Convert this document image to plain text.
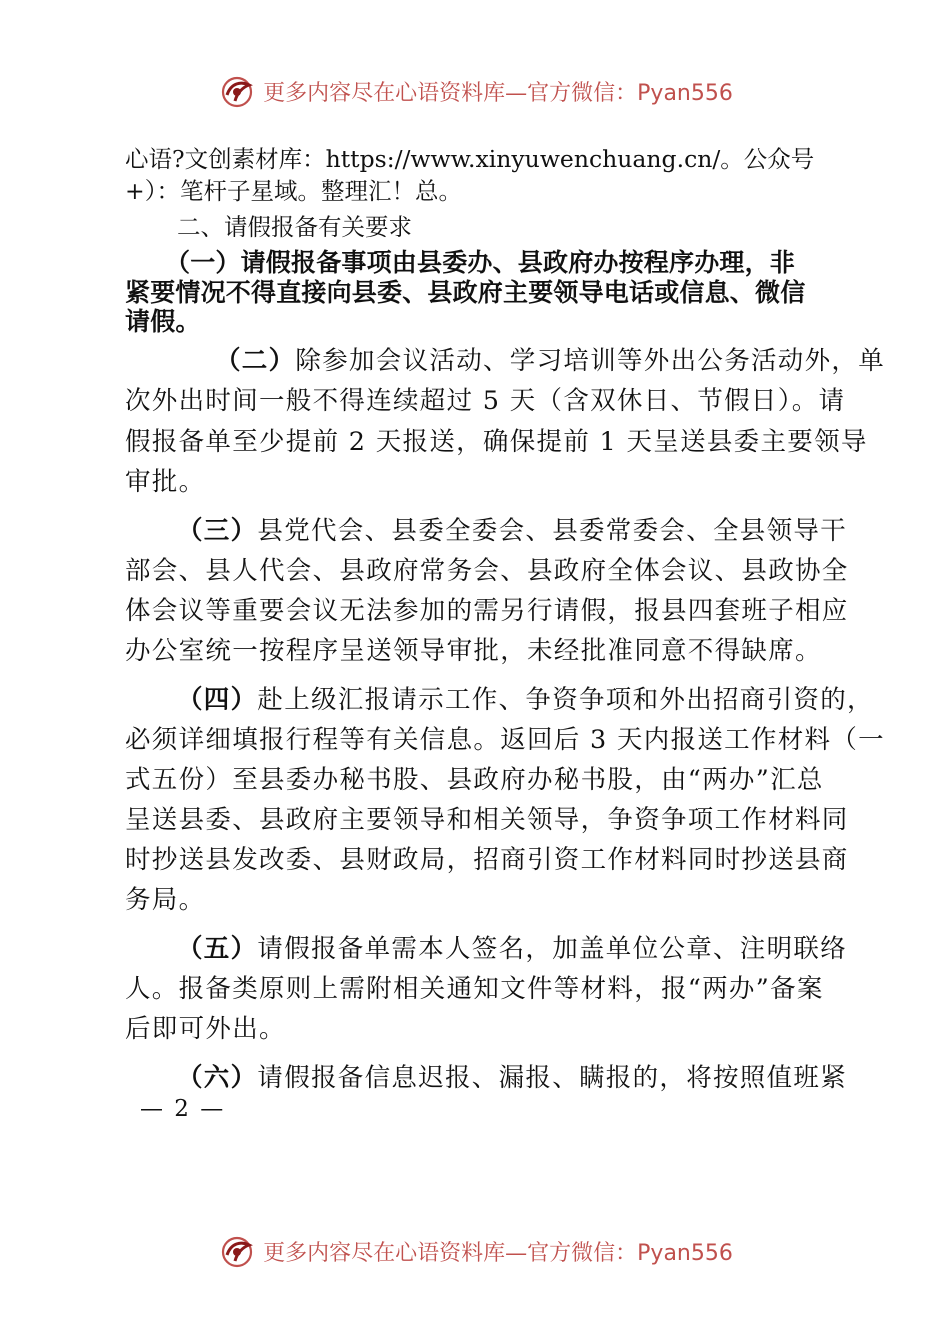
更多内容尽在心语资料库—官方微信：Pyan556
心语?文创素材库：https://www.xinyuwenchuang.cn/。公众号
+）：笔杆子星域。整理汇！总。
二、请假报备有关要求
（一）请假报备事项由县委办、县政府办按程序办理，非
紧要情况不得直接向县委、县政府主要领导电话或信息、微信
请假。
（二）除参加会议活动、学习培训等外出公务活动外，单
次外出时间一般不得连续超过 5 天（含双休日、节假日）。请
假报备单至少提前 2 天报送，确保提前 1 天呈送县委主要领导
审批。
（三）县党代会、县委全委会、县委常委会、全县领导干
部会、县人代会、县政府常务会、县政府全体会议、县政协全
体会议等重要会议无法参加的需另行请假，报县四套班子相应
办公室统一按程序呈送领导审批，未经批准同意不得缺席。
（四）赴上级汇报请示工作、争资争项和外出招商引资的，
必须详细填报行程等有关信息。返回后 3 天内报送工作材料（一
式五份）至县委办秘书股、县政府办秘书股，由“两办”汇总
呈送县委、县政府主要领导和相关领导，争资争项工作材料同
时抄送县发改委、县财政局，招商引资工作材料同时抄送县商
务局。
（五）请假报备单需本人签名，加盖单位公章、注明联络
人。报备类原则上需附相关通知文件等材料，报“两办”备案
后即可外出。
（六）请假报备信息迟报、漏报、瞒报的，将按照值班紧
— 2 —
更多内容尽在心语资料库—官方微信：Pyan556
